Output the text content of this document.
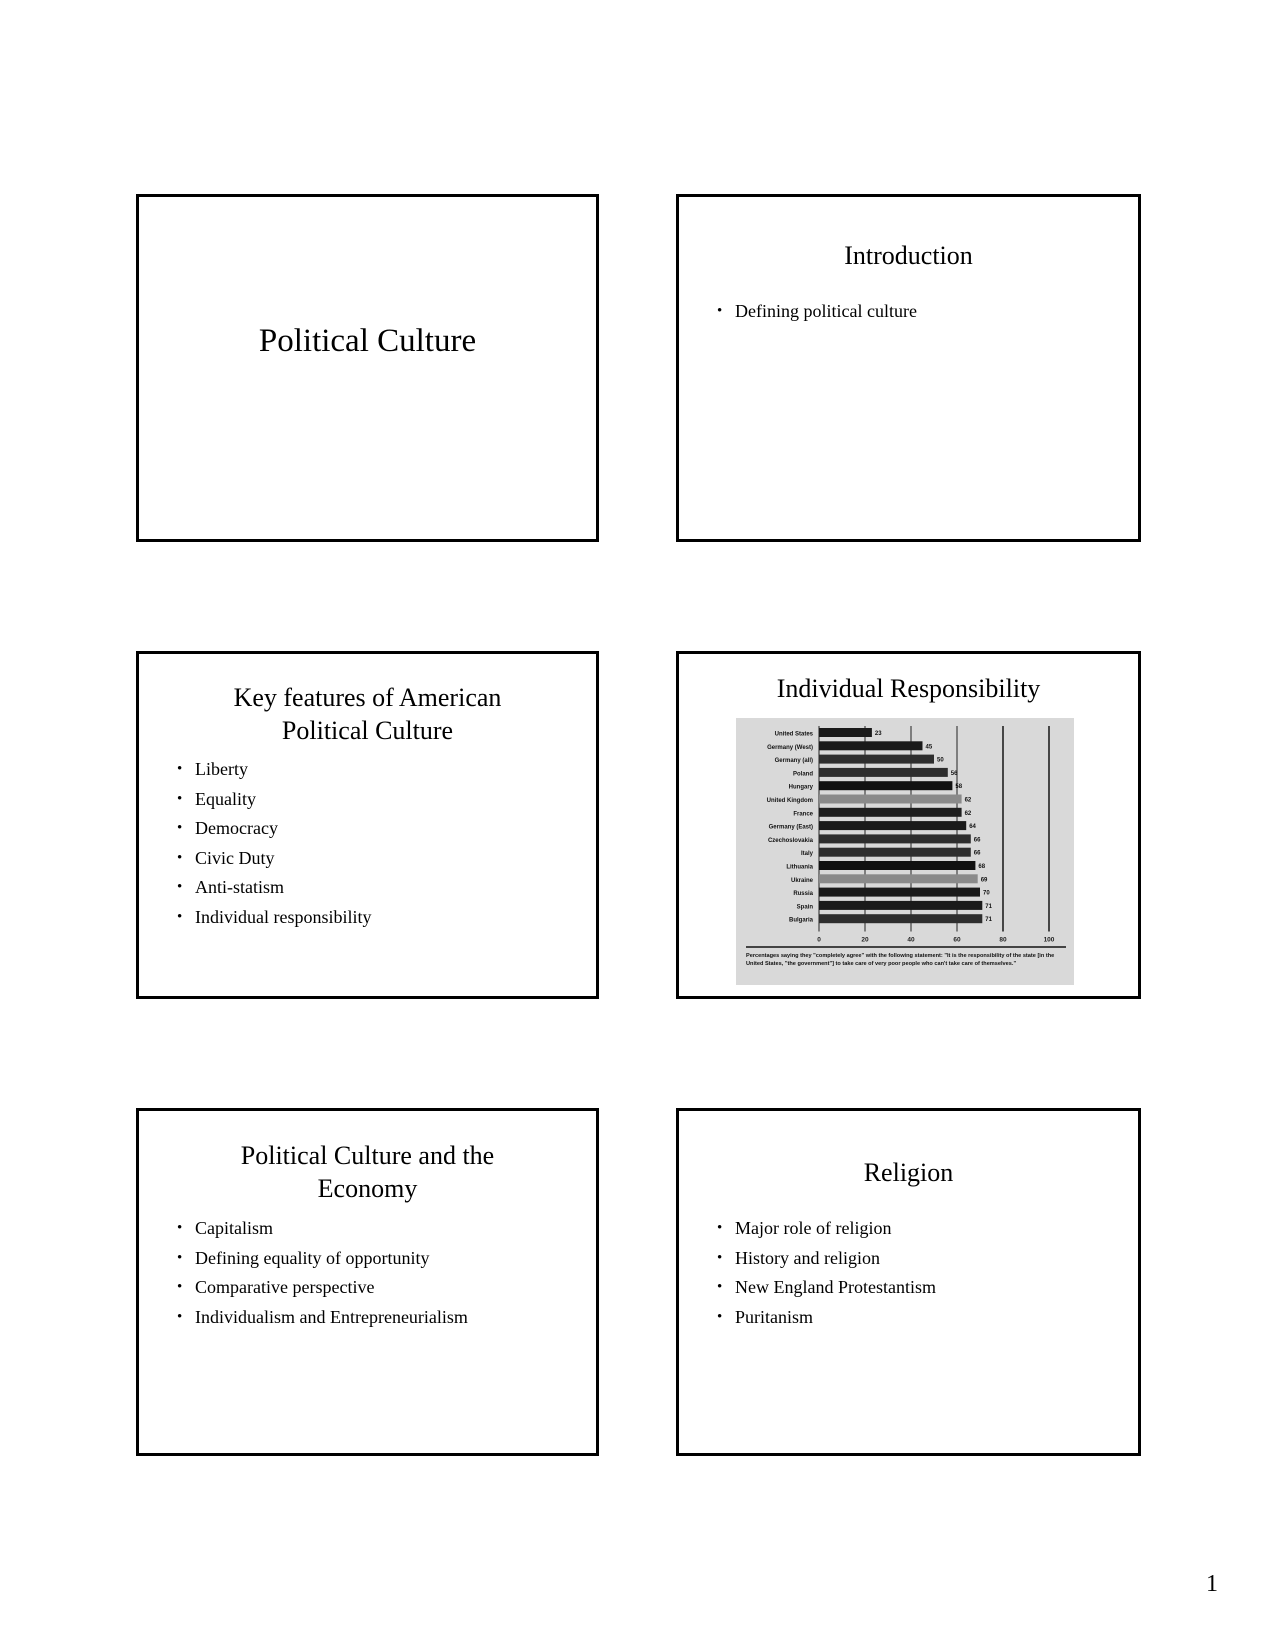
Political Culture
Introduction
• Defining political culture
Key features of American
Political Culture
• Liberty
• Equality
• Democracy
• Civic Duty
• Anti-statism
• Individual responsibility
Individual Responsibility
0	20	40	60	80	100
United States	23
Germany (West)	45
Germany (all)	50
Poland	56
Hungary	58
United Kingdom	62
France	62
Germany (East)	64
Czechoslovakia	66
Italy	66
Lithuania	68
Ukraine	69
Russia	70
Spain	71
Bulgaria	71
Percentages saying they "completely agree" with the following statement: "It is the responsibility of the state [in the United States, "the government"] to take care of very poor people who can't take care of themselves."
Political Culture and the
Economy
• Capitalism
• Defining equality of opportunity
• Comparative perspective
• Individualism and Entrepreneurialism
Religion
• Major role of religion
• History and religion
• New England Protestantism
• Puritanism
1
